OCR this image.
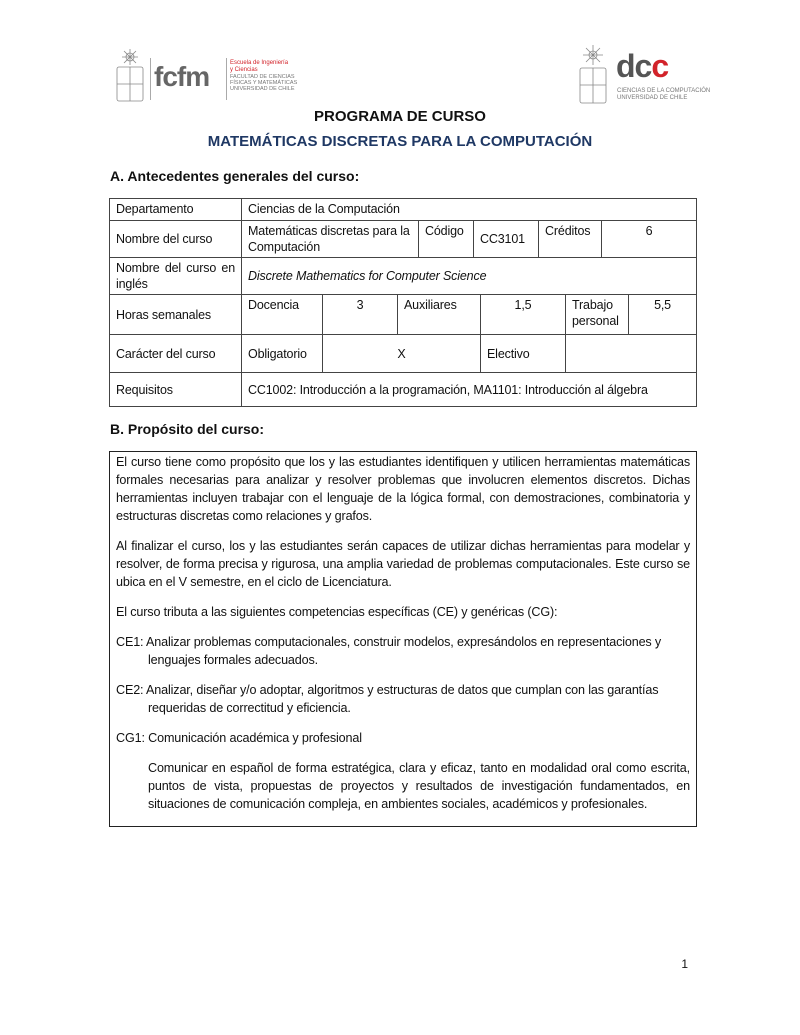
fcfm	Escuela de Ingeniería
y Ciencias
FACULTAD DE CIENCIAS
FÍSICAS Y MATEMÁTICAS
UNIVERSIDAD DE CHILE
dcc
CIENCIAS DE LA COMPUTACIÓN
UNIVERSIDAD DE CHILE
PROGRAMA DE CURSO
MATEMÁTICAS DISCRETAS PARA LA COMPUTACIÓN
A. Antecedentes generales del curso:
Departamento	Ciencias de la Computación									
Nombre del curso	Matemáticas discretas para la Computación			Código	CC3101		Créditos		6	
Nombre del curso en inglés	Discrete Mathematics for Computer Science									
Horas semanales	Docencia	3	Auxiliares			1,5		Trabajo personal		5,5
Carácter del curso	Obligatorio	X				Electivo				
Requisitos	CC1002: Introducción a la programación, MA1101: Introducción al álgebra									
B. Propósito del curso:

El curso tiene como propósito que los y las estudiantes identifiquen y utilicen herramientas matemáticas formales necesarias para analizar y resolver problemas que involucren elementos discretos. Dichas herramientas incluyen trabajar con el lenguaje de la lógica formal, con demostraciones, combinatoria y estructuras discretas como relaciones y grafos.

Al finalizar el curso, los y las estudiantes serán capaces de utilizar dichas herramientas para modelar y resolver, de forma precisa y rigurosa, una amplia variedad de problemas computacionales. Este curso se ubica en el V semestre, en el ciclo de Licenciatura.

El curso tributa a las siguientes competencias específicas (CE) y genéricas (CG):

CE1: Analizar problemas computacionales, construir modelos, expresándolos en representaciones y lenguajes formales adecuados.

CE2: Analizar, diseñar y/o adoptar, algoritmos y estructuras de datos que cumplan con las garantías requeridas de correctitud y eficiencia.

CG1: Comunicación académica y profesional

Comunicar en español de forma estratégica, clara y eficaz, tanto en modalidad oral como escrita, puntos de vista, propuestas de proyectos y resultados de investigación fundamentados, en situaciones de comunicación compleja, en ambientes sociales, académicos y profesionales.

1
